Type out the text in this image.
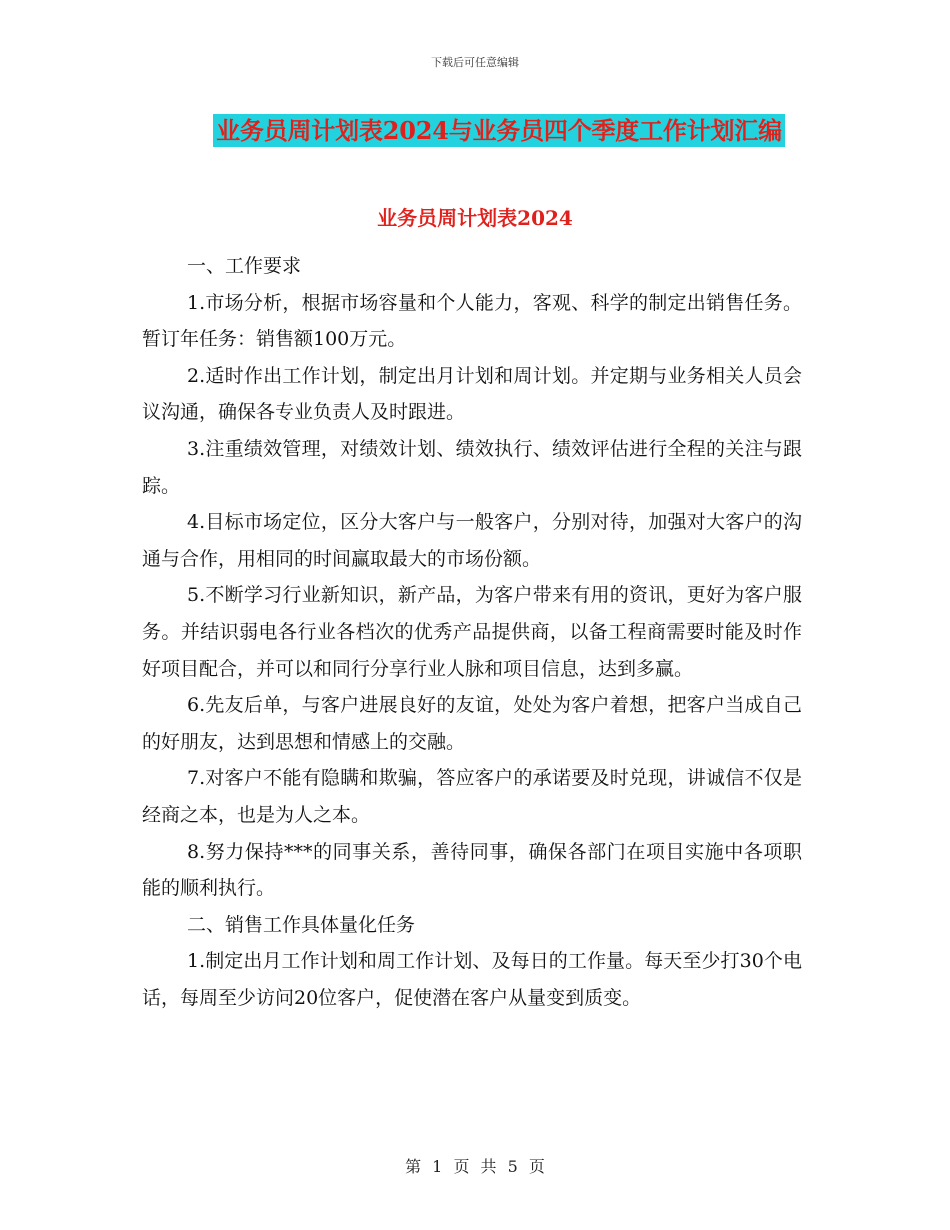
下载后可任意编辑
业务员周计划表2024与业务员四个季度工作计划汇编
业务员周计划表2024

一、工作要求

1.市场分析，根据市场容量和个人能力，客观、科学的制定出销售任务。暂订年任务：销售额100万元。

2.适时作出工作计划，制定出月计划和周计划。并定期与业务相关人员会议沟通，确保各专业负责人及时跟进。

3.注重绩效管理，对绩效计划、绩效执行、绩效评估进行全程的关注与跟踪。

4.目标市场定位，区分大客户与一般客户，分别对待，加强对大客户的沟通与合作，用相同的时间赢取最大的市场份额。

5.不断学习行业新知识，新产品，为客户带来有用的资讯，更好为客户服务。并结识弱电各行业各档次的优秀产品提供商，以备工程商需要时能及时作好项目配合，并可以和同行分享行业人脉和项目信息，达到多赢。

6.先友后单，与客户进展良好的友谊，处处为客户着想，把客户当成自己的好朋友，达到思想和情感上的交融。

7.对客户不能有隐瞒和欺骗，答应客户的承诺要及时兑现，讲诚信不仅是经商之本，也是为人之本。

8.努力保持***的同事关系，善待同事，确保各部门在项目实施中各项职能的顺利执行。

二、销售工作具体量化任务

1.制定出月工作计划和周工作计划、及每日的工作量。每天至少打30个电话，每周至少访问20位客户，促使潜在客户从量变到质变。

第 1 页 共 5 页
